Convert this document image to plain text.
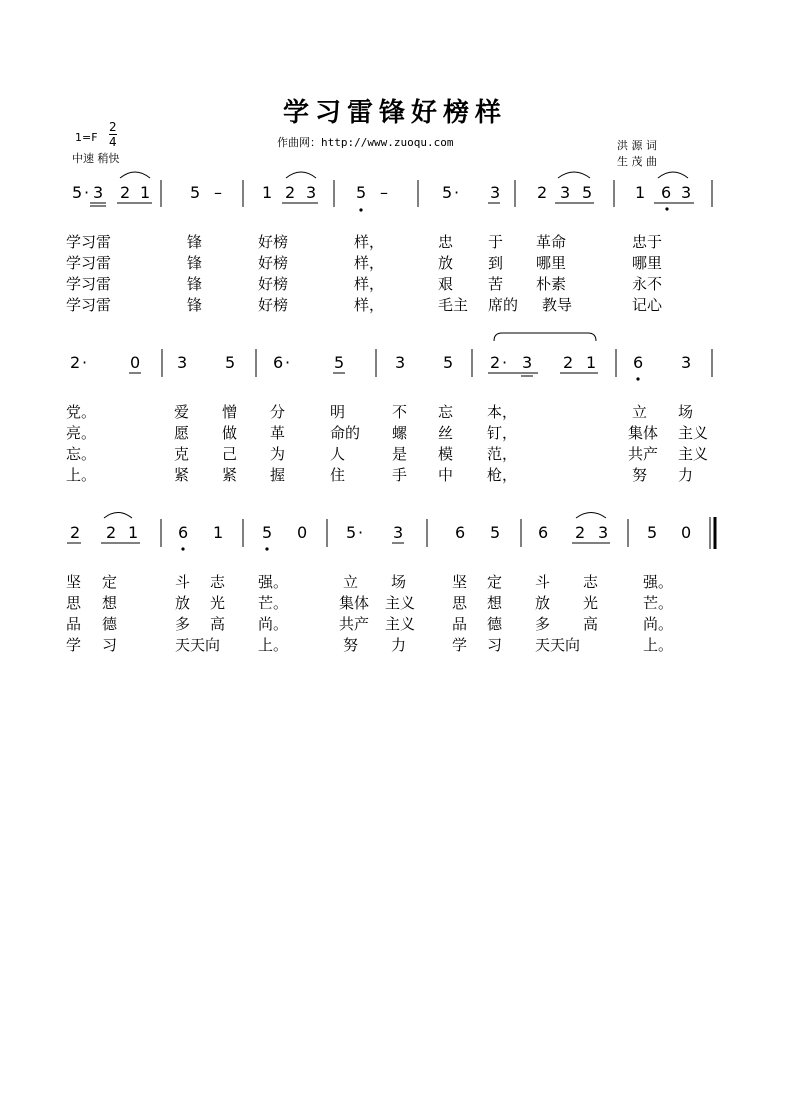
学习雷锋好榜样
$1=F \frac{2}{4}$
中速 稍快
作曲网：http://www.zuoqu.com	洪 源 词
生 茂 曲
5 · 3 2 1 5 –	1 2 3 5 –	5 · 3 2 3 5	1 6 3
2 ·	0 3 5 6 ·	5	3 5 2 · 3 2 1 6 3
2 2 1 6 1 5 0 5 · 3	6 5 6 2 3 5 0
学习雷	锋	好榜	样，	忠 于 革命	忠于
学习雷	锋	好榜	样，	放 到 哪里	哪里
学习雷	锋	好榜	样，	艰 苦 朴素	永不
学习雷	锋	好榜	样，	毛主 席的 教导	记心
党。	爱 憎 分	明	不 忘 本，	立 场
亮。	愿 做 革	命的 螺 丝 钉，	集体 主义
忘。	克 己 为	人	是 模 范，	共产 主义
上。	紧 紧 握	住	手 中 枪，	努 力
坚 定	斗 志 强。	立 场	坚 定 斗 志	强。
思 想	放 光 芒。	集体 主义 思 想 放 光	芒。
品 德	多 高 尚。	共产 主义 品 德 多 高	尚。
学 习	天天向	上。	努 力	学 习 天天向	上。
